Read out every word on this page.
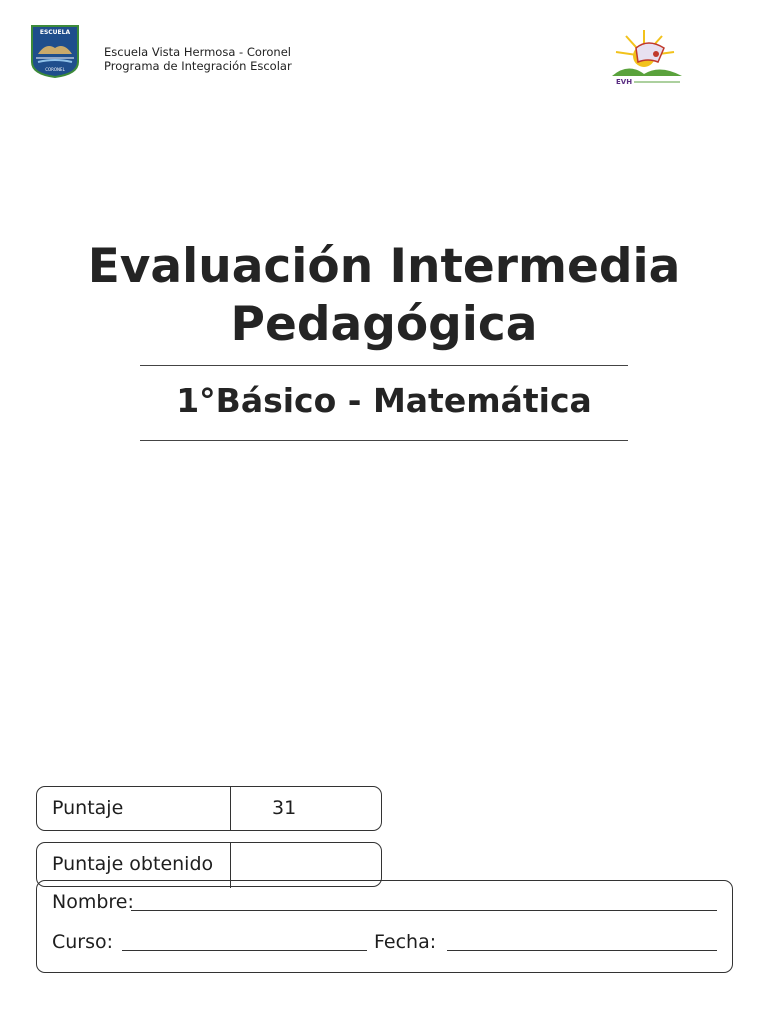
ESCUELA
CORONEL
Escuela Vista Hermosa - Coronel
Programa de Integración Escolar
EVH
Evaluación Intermedia Pedagógica
1°Básico - Matemática
Puntaje	31
Puntaje obtenido
Nombre:
Curso:	Fecha:
